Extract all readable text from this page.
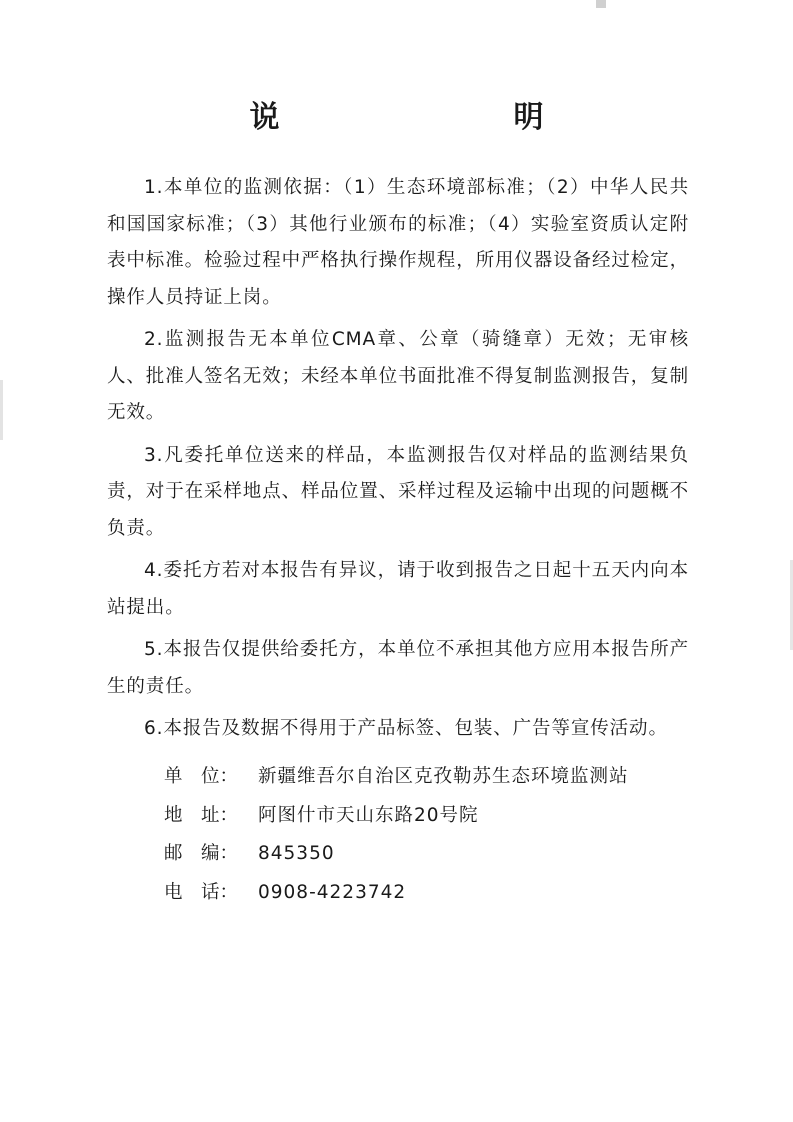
说　　明

1.本单位的监测依据：（1）生态环境部标准；（2）中华人民共和国国家标准；（3）其他行业颁布的标准；（4）实验室资质认定附表中标准。检验过程中严格执行操作规程，所用仪器设备经过检定，操作人员持证上岗。

2.监测报告无本单位CMA章、公章（骑缝章）无效；无审核人、批准人签名无效；未经本单位书面批准不得复制监测报告，复制无效。

3.凡委托单位送来的样品，本监测报告仅对样品的监测结果负责，对于在采样地点、样品位置、采样过程及运输中出现的问题概不负责。

4.委托方若对本报告有异议，请于收到报告之日起十五天内向本站提出。

5.本报告仅提供给委托方，本单位不承担其他方应用本报告所产生的责任。

6.本报告及数据不得用于产品标签、包装、广告等宣传活动。

单　位：	新疆维吾尔自治区克孜勒苏生态环境监测站
地　址：	阿图什市天山东路20号院
邮　编：	845350
电　话：	0908-4223742
